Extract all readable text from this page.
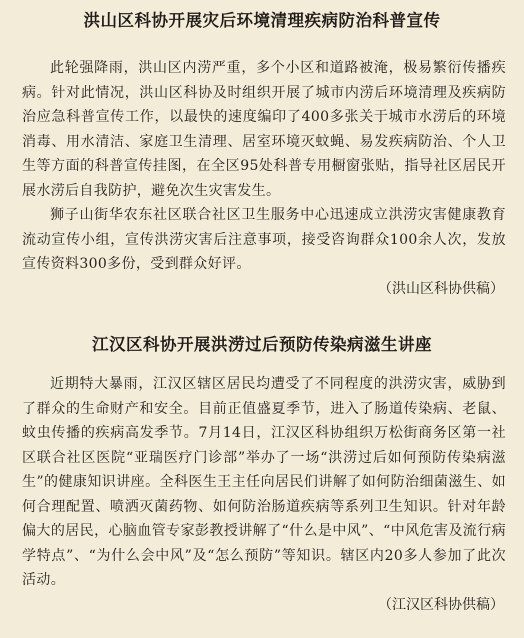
洪山区科协开展灾后环境清理疾病防治科普宣传

此轮强降雨，洪山区内涝严重，多个小区和道路被淹，极易繁衍传播疾病。针对此情况，洪山区科协及时组织开展了城市内涝后环境清理及疾病防治应急科普宣传工作，以最快的速度编印了400多张关于城市水涝后的环境消毒、用水清洁、家庭卫生清理、居室环境灭蚊蝇、易发疾病防治、个人卫生等方面的科普宣传挂图，在全区95处科普专用橱窗张贴，指导社区居民开展水涝后自我防护，避免次生灾害发生。

狮子山街华农东社区联合社区卫生服务中心迅速成立洪涝灾害健康教育流动宣传小组，宣传洪涝灾害后注意事项，接受咨询群众100余人次，发放宣传资料300多份，受到群众好评。

（洪山区科协供稿）

江汉区科协开展洪涝过后预防传染病滋生讲座

近期特大暴雨，江汉区辖区居民均遭受了不同程度的洪涝灾害，威胁到了群众的生命财产和安全。目前正值盛夏季节，进入了肠道传染病、老鼠、蚊虫传播的疾病高发季节。7月14日，江汉区科协组织万松街商务区第一社区联合社区医院“亚瑞医疗门诊部”举办了一场“洪涝过后如何预防传染病滋生”的健康知识讲座。全科医生王主任向居民们讲解了如何防治细菌滋生、如何合理配置、喷洒灭菌药物、如何防治肠道疾病等系列卫生知识。针对年龄偏大的居民，心脑血管专家彭教授讲解了“什么是中风”、“中风危害及流行病学特点”、“为什么会中风”及“怎么预防”等知识。辖区内20多人参加了此次活动。

（江汉区科协供稿）
